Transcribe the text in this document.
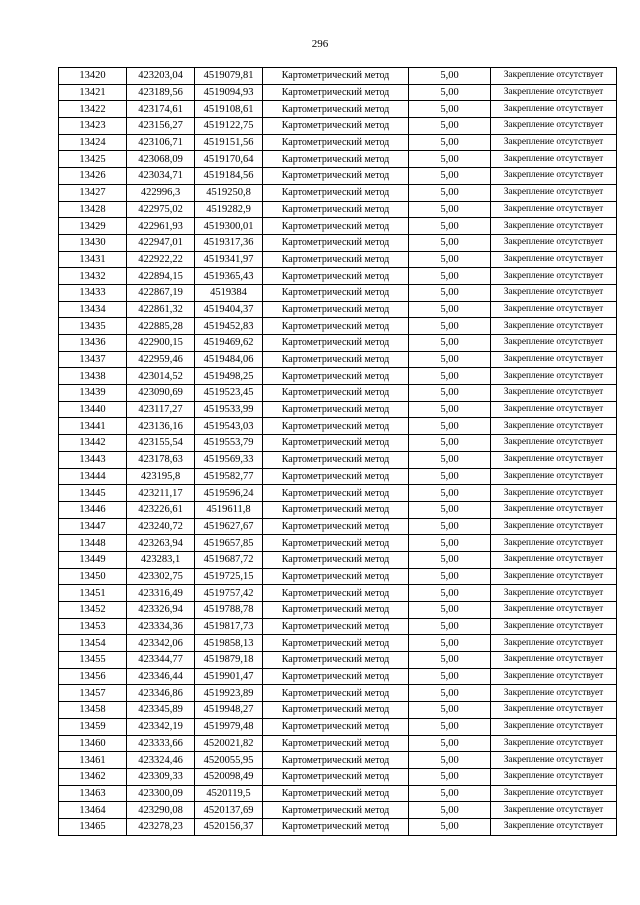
296
13420	423203,04	4519079,81	Картометрический метод	5,00	Закрепление отсутствует
13421	423189,56	4519094,93	Картометрический метод	5,00	Закрепление отсутствует
13422	423174,61	4519108,61	Картометрический метод	5,00	Закрепление отсутствует
13423	423156,27	4519122,75	Картометрический метод	5,00	Закрепление отсутствует
13424	423106,71	4519151,56	Картометрический метод	5,00	Закрепление отсутствует
13425	423068,09	4519170,64	Картометрический метод	5,00	Закрепление отсутствует
13426	423034,71	4519184,56	Картометрический метод	5,00	Закрепление отсутствует
13427	422996,3	4519250,8	Картометрический метод	5,00	Закрепление отсутствует
13428	422975,02	4519282,9	Картометрический метод	5,00	Закрепление отсутствует
13429	422961,93	4519300,01	Картометрический метод	5,00	Закрепление отсутствует
13430	422947,01	4519317,36	Картометрический метод	5,00	Закрепление отсутствует
13431	422922,22	4519341,97	Картометрический метод	5,00	Закрепление отсутствует
13432	422894,15	4519365,43	Картометрический метод	5,00	Закрепление отсутствует
13433	422867,19	4519384	Картометрический метод	5,00	Закрепление отсутствует
13434	422861,32	4519404,37	Картометрический метод	5,00	Закрепление отсутствует
13435	422885,28	4519452,83	Картометрический метод	5,00	Закрепление отсутствует
13436	422900,15	4519469,62	Картометрический метод	5,00	Закрепление отсутствует
13437	422959,46	4519484,06	Картометрический метод	5,00	Закрепление отсутствует
13438	423014,52	4519498,25	Картометрический метод	5,00	Закрепление отсутствует
13439	423090,69	4519523,45	Картометрический метод	5,00	Закрепление отсутствует
13440	423117,27	4519533,99	Картометрический метод	5,00	Закрепление отсутствует
13441	423136,16	4519543,03	Картометрический метод	5,00	Закрепление отсутствует
13442	423155,54	4519553,79	Картометрический метод	5,00	Закрепление отсутствует
13443	423178,63	4519569,33	Картометрический метод	5,00	Закрепление отсутствует
13444	423195,8	4519582,77	Картометрический метод	5,00	Закрепление отсутствует
13445	423211,17	4519596,24	Картометрический метод	5,00	Закрепление отсутствует
13446	423226,61	4519611,8	Картометрический метод	5,00	Закрепление отсутствует
13447	423240,72	4519627,67	Картометрический метод	5,00	Закрепление отсутствует
13448	423263,94	4519657,85	Картометрический метод	5,00	Закрепление отсутствует
13449	423283,1	4519687,72	Картометрический метод	5,00	Закрепление отсутствует
13450	423302,75	4519725,15	Картометрический метод	5,00	Закрепление отсутствует
13451	423316,49	4519757,42	Картометрический метод	5,00	Закрепление отсутствует
13452	423326,94	4519788,78	Картометрический метод	5,00	Закрепление отсутствует
13453	423334,36	4519817,73	Картометрический метод	5,00	Закрепление отсутствует
13454	423342,06	4519858,13	Картометрический метод	5,00	Закрепление отсутствует
13455	423344,77	4519879,18	Картометрический метод	5,00	Закрепление отсутствует
13456	423346,44	4519901,47	Картометрический метод	5,00	Закрепление отсутствует
13457	423346,86	4519923,89	Картометрический метод	5,00	Закрепление отсутствует
13458	423345,89	4519948,27	Картометрический метод	5,00	Закрепление отсутствует
13459	423342,19	4519979,48	Картометрический метод	5,00	Закрепление отсутствует
13460	423333,66	4520021,82	Картометрический метод	5,00	Закрепление отсутствует
13461	423324,46	4520055,95	Картометрический метод	5,00	Закрепление отсутствует
13462	423309,33	4520098,49	Картометрический метод	5,00	Закрепление отсутствует
13463	423300,09	4520119,5	Картометрический метод	5,00	Закрепление отсутствует
13464	423290,08	4520137,69	Картометрический метод	5,00	Закрепление отсутствует
13465	423278,23	4520156,37	Картометрический метод	5,00	Закрепление отсутствует
